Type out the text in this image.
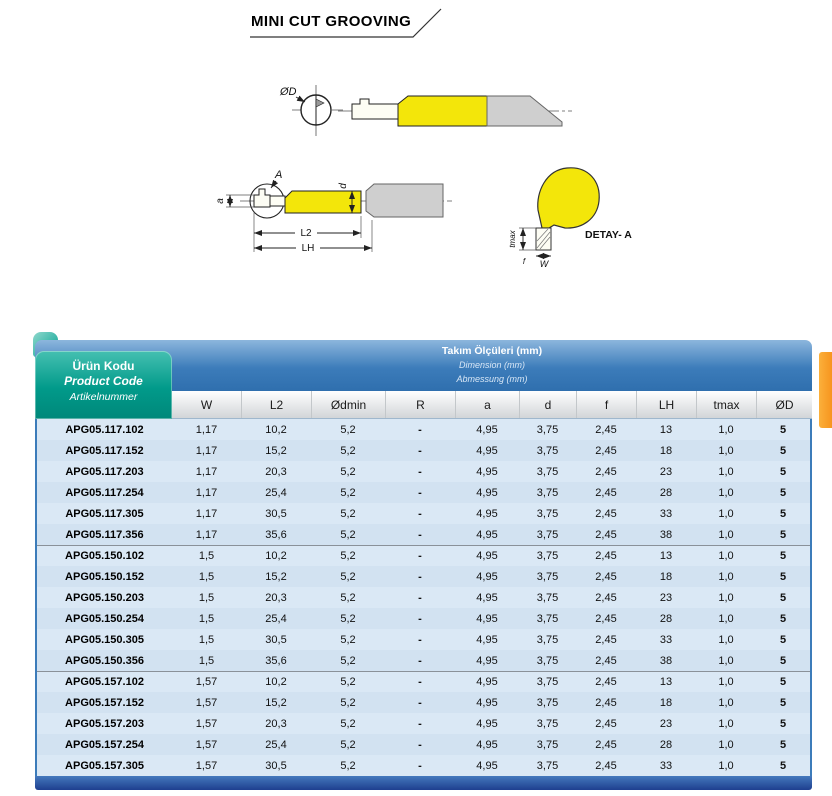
MINI CUT GROOVING
ØD
A
a
d
L2
LH
tmax
W
f
DETAY- A
Takım Ölçüleri (mm)
Dimension (mm)
Abmessung (mm)
Ürün Kodu
Product Code
Artikelnummer
W	L2	Ødmin	R	a	d	f	LH	tmax	ØD
APG05.117.102	1,17	10,2	5,2	-	4,95	3,75	2,45	13	1,0	5
APG05.117.152	1,17	15,2	5,2	-	4,95	3,75	2,45	18	1,0	5
APG05.117.203	1,17	20,3	5,2	-	4,95	3,75	2,45	23	1,0	5
APG05.117.254	1,17	25,4	5,2	-	4,95	3,75	2,45	28	1,0	5
APG05.117.305	1,17	30,5	5,2	-	4,95	3,75	2,45	33	1,0	5
APG05.117.356	1,17	35,6	5,2	-	4,95	3,75	2,45	38	1,0	5
APG05.150.102	1,5	10,2	5,2	-	4,95	3,75	2,45	13	1,0	5
APG05.150.152	1,5	15,2	5,2	-	4,95	3,75	2,45	18	1,0	5
APG05.150.203	1,5	20,3	5,2	-	4,95	3,75	2,45	23	1,0	5
APG05.150.254	1,5	25,4	5,2	-	4,95	3,75	2,45	28	1,0	5
APG05.150.305	1,5	30,5	5,2	-	4,95	3,75	2,45	33	1,0	5
APG05.150.356	1,5	35,6	5,2	-	4,95	3,75	2,45	38	1,0	5
APG05.157.102	1,57	10,2	5,2	-	4,95	3,75	2,45	13	1,0	5
APG05.157.152	1,57	15,2	5,2	-	4,95	3,75	2,45	18	1,0	5
APG05.157.203	1,57	20,3	5,2	-	4,95	3,75	2,45	23	1,0	5
APG05.157.254	1,57	25,4	5,2	-	4,95	3,75	2,45	28	1,0	5
APG05.157.305	1,57	30,5	5,2	-	4,95	3,75	2,45	33	1,0	5
